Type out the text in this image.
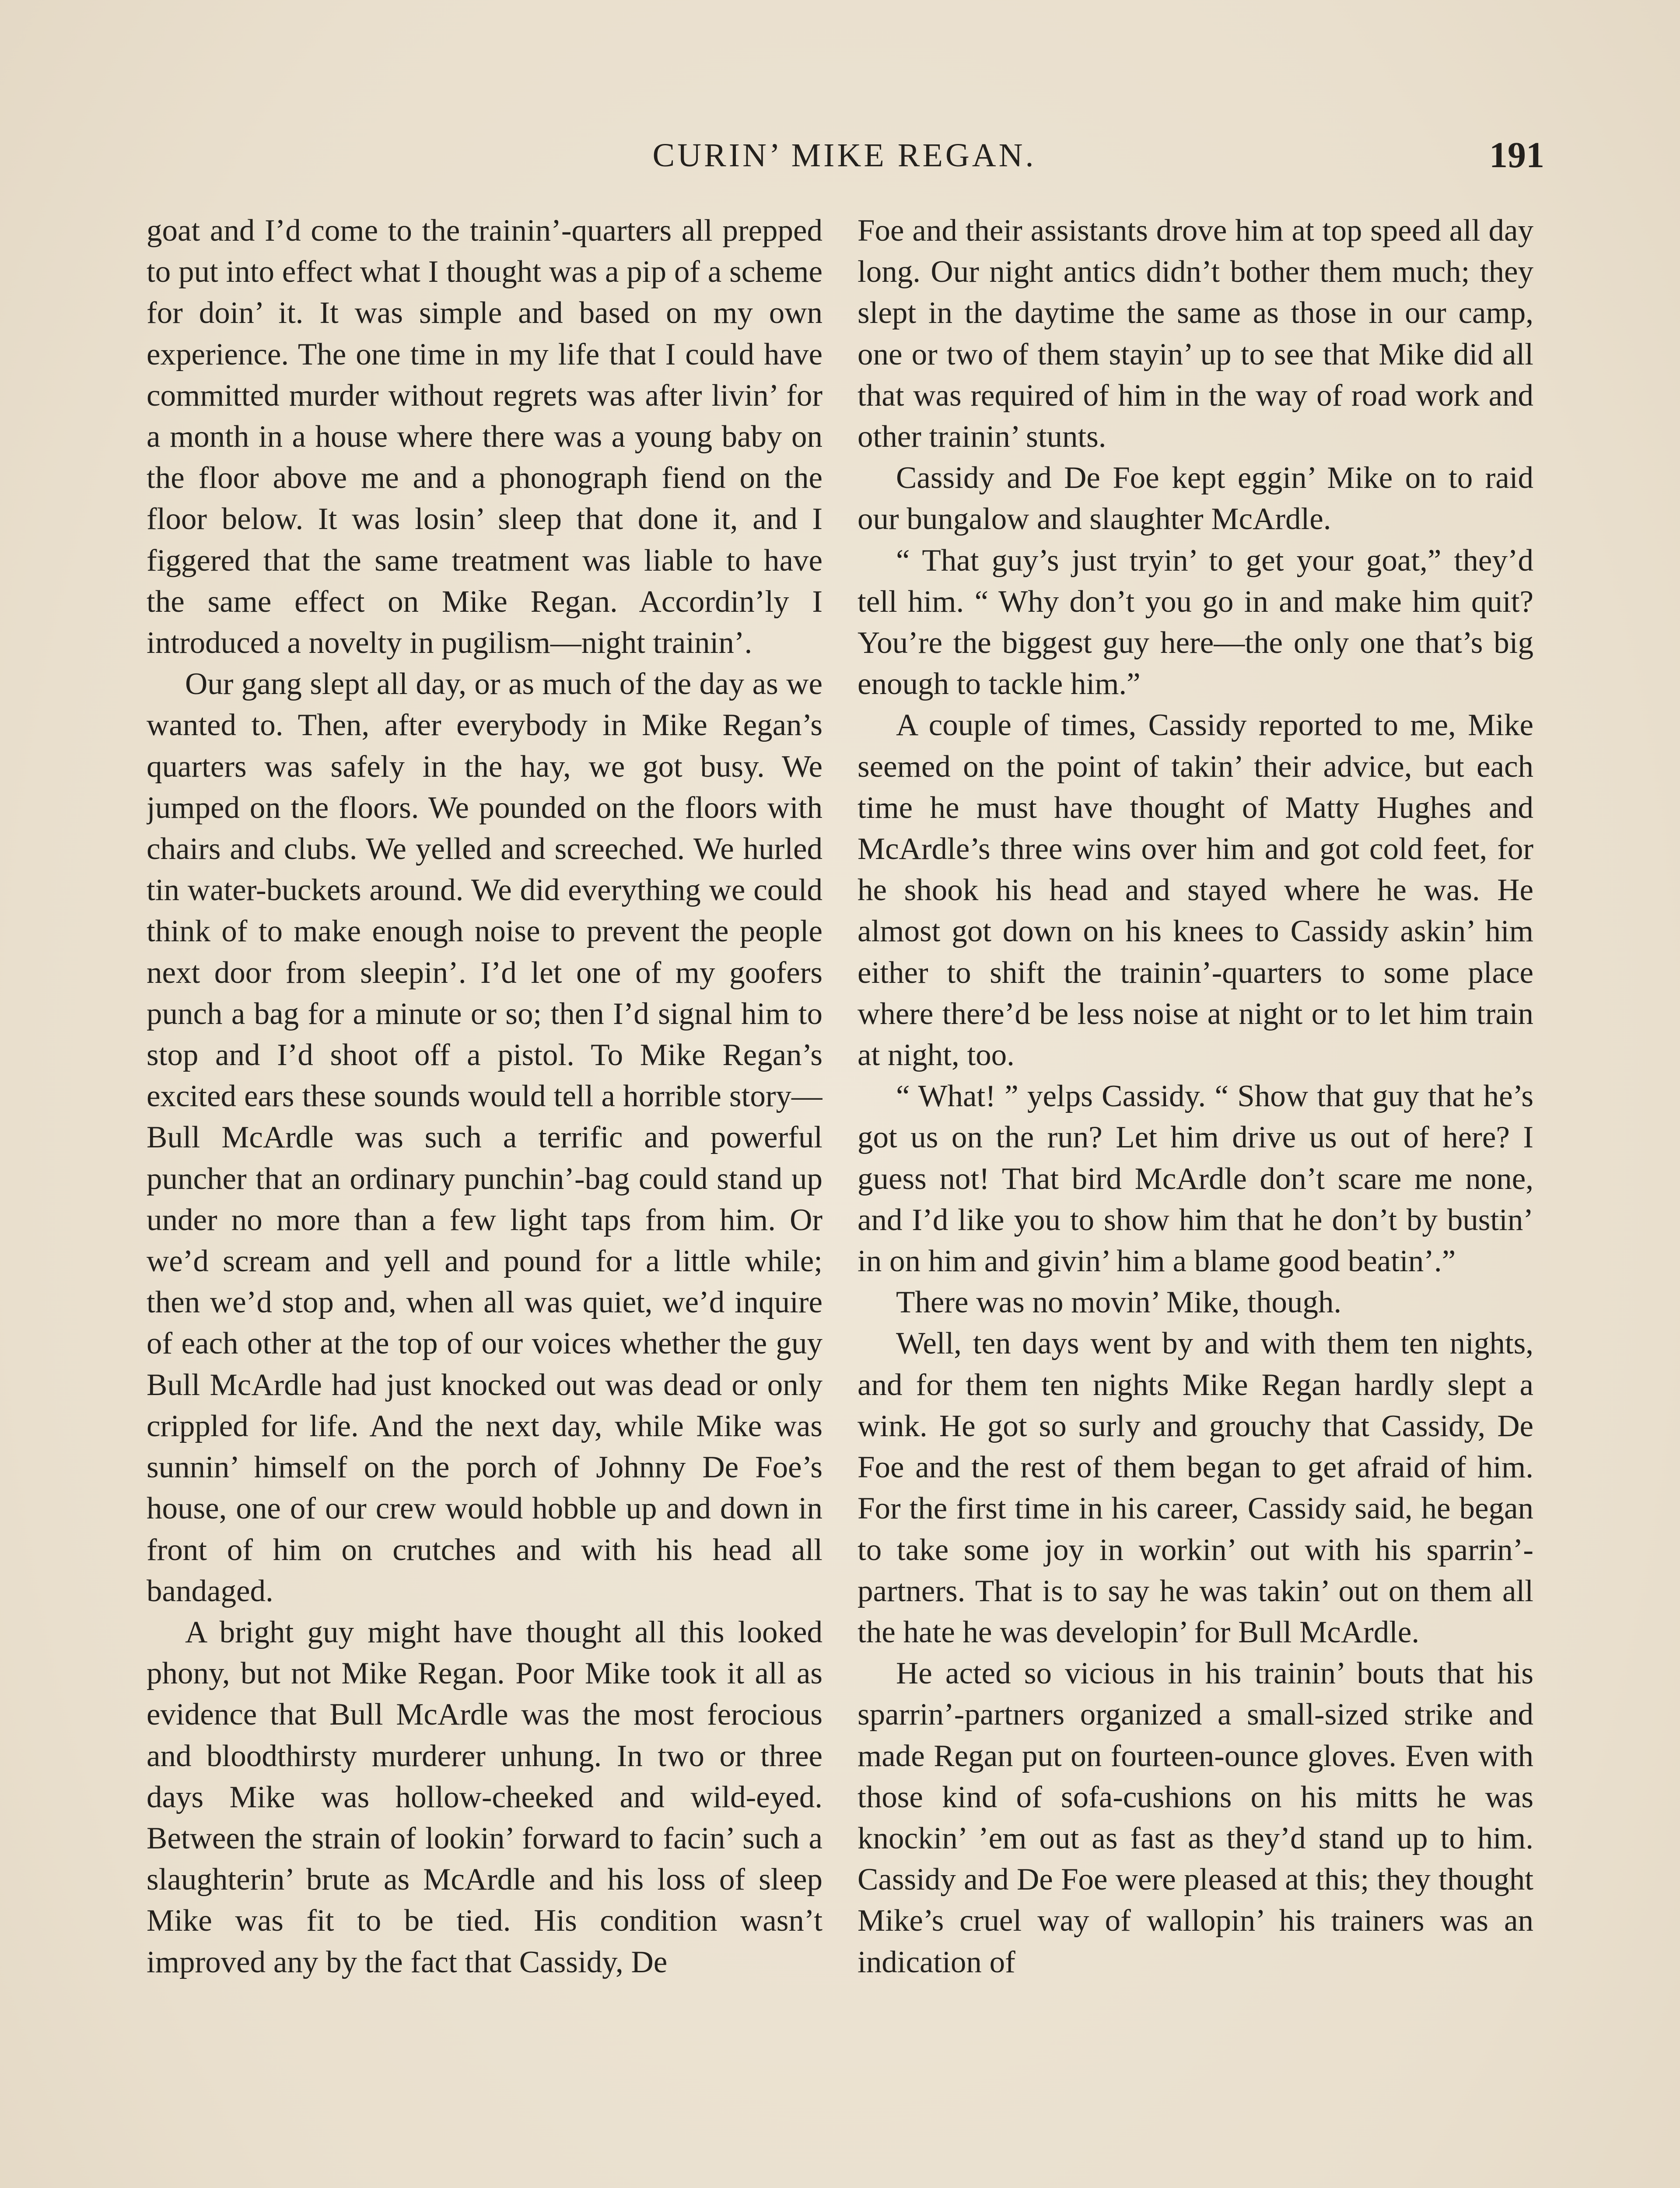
CURIN’ MIKE REGAN.	191

goat and I’d come to the trainin’-quarters all prepped to put into effect what I thought was a pip of a scheme for doin’ it. It was simple and based on my own experience. The one time in my life that I could have committed murder without regrets was after livin’ for a month in a house where there was a young baby on the floor above me and a phonograph fiend on the floor below. It was losin’ sleep that done it, and I figgered that the same treatment was liable to have the same effect on Mike Regan. Accordin’ly I introduced a novelty in pugilism—night trainin’.

Our gang slept all day, or as much of the day as we wanted to. Then, after everybody in Mike Regan’s quarters was safely in the hay, we got busy. We jumped on the floors. We pounded on the floors with chairs and clubs. We yelled and screeched. We hurled tin water-buckets around. We did everything we could think of to make enough noise to prevent the people next door from sleepin’. I’d let one of my goofers punch a bag for a minute or so; then I’d signal him to stop and I’d shoot off a pistol. To Mike Regan’s excited ears these sounds would tell a horrible story—Bull McArdle was such a terrific and powerful puncher that an ordinary punchin’-bag could stand up under no more than a few light taps from him. Or we’d scream and yell and pound for a little while; then we’d stop and, when all was quiet, we’d inquire of each other at the top of our voices whether the guy Bull McArdle had just knocked out was dead or only crippled for life. And the next day, while Mike was sunnin’ himself on the porch of Johnny De Foe’s house, one of our crew would hobble up and down in front of him on crutches and with his head all bandaged.

A bright guy might have thought all this looked phony, but not Mike Regan. Poor Mike took it all as evidence that Bull McArdle was the most ferocious and bloodthirsty murderer unhung. In two or three days Mike was hollow-cheeked and wild-eyed. Between the strain of lookin’ forward to facin’ such a slaughterin’ brute as McArdle and his loss of sleep Mike was fit to be tied. His condition wasn’t improved any by the fact that Cassidy, De

Foe and their assistants drove him at top speed all day long. Our night antics didn’t bother them much; they slept in the daytime the same as those in our camp, one or two of them stayin’ up to see that Mike did all that was required of him in the way of road work and other trainin’ stunts.

Cassidy and De Foe kept eggin’ Mike on to raid our bungalow and slaughter McArdle.

“ That guy’s just tryin’ to get your goat,” they’d tell him. “ Why don’t you go in and make him quit? You’re the biggest guy here—the only one that’s big enough to tackle him.”

A couple of times, Cassidy reported to me, Mike seemed on the point of takin’ their advice, but each time he must have thought of Matty Hughes and McArdle’s three wins over him and got cold feet, for he shook his head and stayed where he was. He almost got down on his knees to Cassidy askin’ him either to shift the trainin’-quarters to some place where there’d be less noise at night or to let him train at night, too.

“ What! ” yelps Cassidy. “ Show that guy that he’s got us on the run? Let him drive us out of here? I guess not! That bird McArdle don’t scare me none, and I’d like you to show him that he don’t by bustin’ in on him and givin’ him a blame good beatin’.”

There was no movin’ Mike, though.

Well, ten days went by and with them ten nights, and for them ten nights Mike Regan hardly slept a wink. He got so surly and grouchy that Cassidy, De Foe and the rest of them began to get afraid of him. For the first time in his career, Cassidy said, he began to take some joy in workin’ out with his sparrin’-partners. That is to say he was takin’ out on them all the hate he was developin’ for Bull McArdle.

He acted so vicious in his trainin’ bouts that his sparrin’-partners organized a small-sized strike and made Regan put on fourteen-ounce gloves. Even with those kind of sofa-cushions on his mitts he was knockin’ ’em out as fast as they’d stand up to him. Cassidy and De Foe were pleased at this; they thought Mike’s cruel way of wallopin’ his trainers was an indication of
